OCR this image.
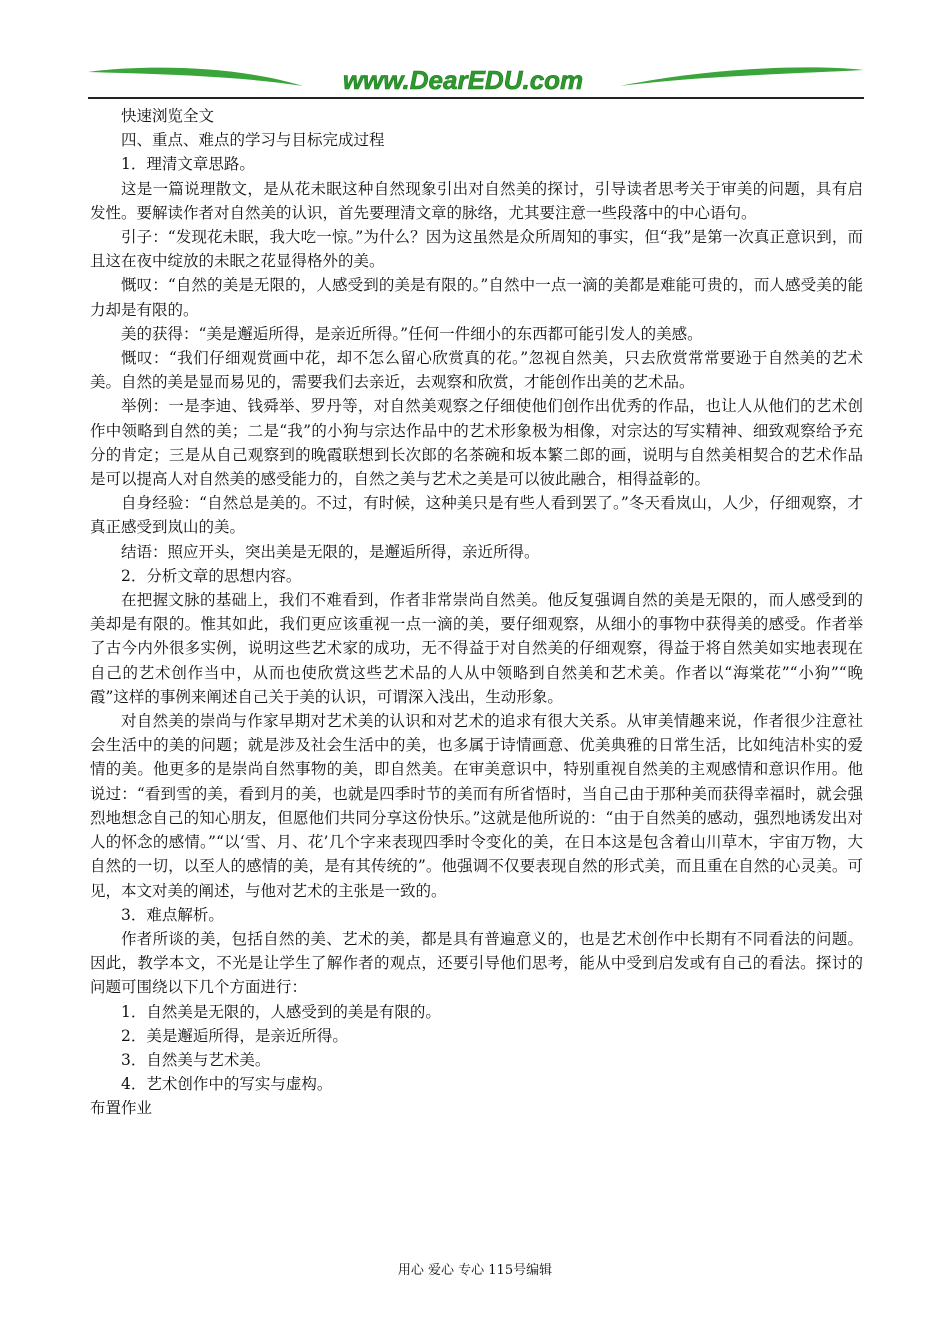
www.DearEDU.com

快速浏览全文

四、重点、难点的学习与目标完成过程

1．理清文章思路。

这是一篇说理散文，是从花未眠这种自然现象引出对自然美的探讨，引导读者思考关于审美的问题，具有启发性。要解读作者对自然美的认识，首先要理清文章的脉络，尤其要注意一些段落中的中心语句。

引子：“发现花未眠，我大吃一惊。”为什么？因为这虽然是众所周知的事实，但“我”是第一次真正意识到，而且这在夜中绽放的未眠之花显得格外的美。

慨叹：“自然的美是无限的，人感受到的美是有限的。”自然中一点一滴的美都是难能可贵的，而人感受美的能力却是有限的。

美的获得：“美是邂逅所得，是亲近所得。”任何一件细小的东西都可能引发人的美感。

慨叹：“我们仔细观赏画中花，却不怎么留心欣赏真的花。”忽视自然美，只去欣赏常常要逊于自然美的艺术美。自然的美是显而易见的，需要我们去亲近，去观察和欣赏，才能创作出美的艺术品。

举例：一是李迪、钱舜举、罗丹等，对自然美观察之仔细使他们创作出优秀的作品，也让人从他们的艺术创作中领略到自然的美；二是“我”的小狗与宗达作品中的艺术形象极为相像，对宗达的写实精神、细致观察给予充分的肯定；三是从自己观察到的晚霞联想到长次郎的名茶碗和坂本繁二郎的画，说明与自然美相契合的艺术作品是可以提高人对自然美的感受能力的，自然之美与艺术之美是可以彼此融合，相得益彰的。

自身经验：“自然总是美的。不过，有时候，这种美只是有些人看到罢了。”冬天看岚山，人少，仔细观察，才真正感受到岚山的美。

结语：照应开头，突出美是无限的，是邂逅所得，亲近所得。

2．分析文章的思想内容。

在把握文脉的基础上，我们不难看到，作者非常崇尚自然美。他反复强调自然的美是无限的，而人感受到的美却是有限的。惟其如此，我们更应该重视一点一滴的美，要仔细观察，从细小的事物中获得美的感受。作者举了古今内外很多实例，说明这些艺术家的成功，无不得益于对自然美的仔细观察，得益于将自然美如实地表现在自己的艺术创作当中，从而也使欣赏这些艺术品的人从中领略到自然美和艺术美。作者以“海棠花”“小狗”“晚霞”这样的事例来阐述自己关于美的认识，可谓深入浅出，生动形象。

对自然美的崇尚与作家早期对艺术美的认识和对艺术的追求有很大关系。从审美情趣来说，作者很少注意社会生活中的美的问题；就是涉及社会生活中的美，也多属于诗情画意、优美典雅的日常生活，比如纯洁朴实的爱情的美。他更多的是崇尚自然事物的美，即自然美。在审美意识中，特别重视自然美的主观感情和意识作用。他说过：“看到雪的美，看到月的美，也就是四季时节的美而有所省悟时，当自己由于那种美而获得幸福时，就会强烈地想念自己的知心朋友，但愿他们共同分享这份快乐。”这就是他所说的：“由于自然美的感动，强烈地诱发出对人的怀念的感情。”“以‘雪、月、花’几个字来表现四季时令变化的美，在日本这是包含着山川草木，宇宙万物，大自然的一切，以至人的感情的美，是有其传统的”。他强调不仅要表现自然的形式美，而且重在自然的心灵美。可见，本文对美的阐述，与他对艺术的主张是一致的。

3．难点解析。

作者所谈的美，包括自然的美、艺术的美，都是具有普遍意义的，也是艺术创作中长期有不同看法的问题。因此，教学本文，不光是让学生了解作者的观点，还要引导他们思考，能从中受到启发或有自己的看法。探讨的问题可围绕以下几个方面进行：

1．自然美是无限的，人感受到的美是有限的。

2．美是邂逅所得，是亲近所得。

3．自然美与艺术美。

4．艺术创作中的写实与虚构。

布置作业

用心 爱心 专心 115号编辑
